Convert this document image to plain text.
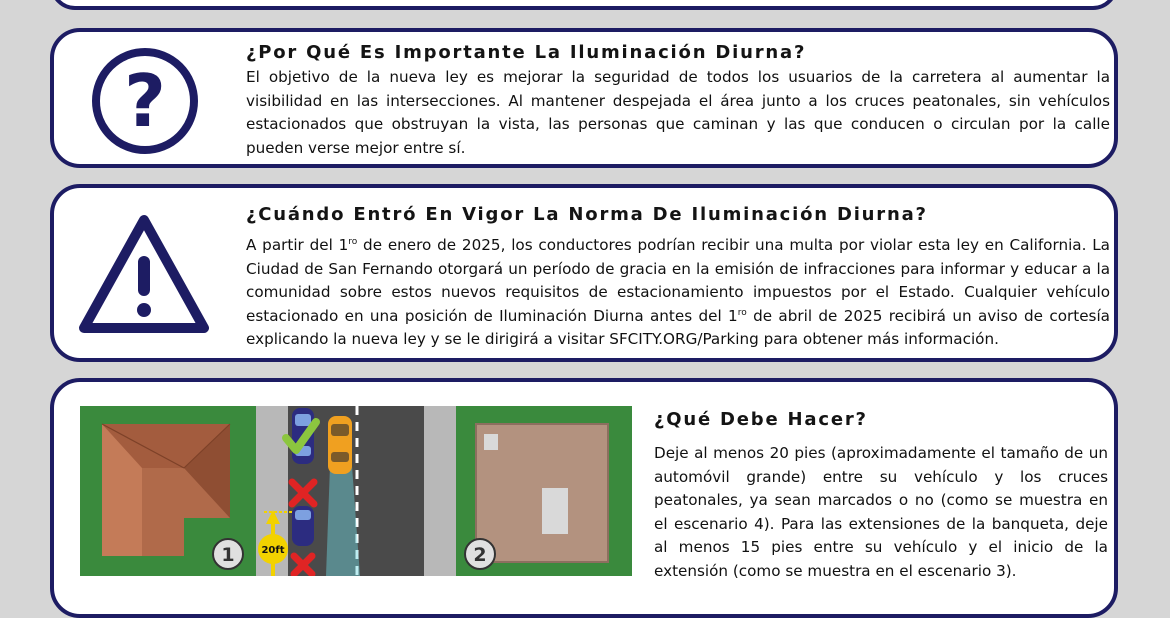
?
¿Por Qué Es Importante La Iluminación Diurna?

El objetivo de la nueva ley es mejorar la seguridad de todos los usuarios de la carretera al aumentar la visibilidad en las intersecciones. Al mantener despejada el área junto a los cruces peatonales, sin vehículos estacionados que obstruyan la vista, las personas que caminan y las que conducen o circulan por la calle pueden verse mejor entre sí.

¿Cuándo Entró En Vigor La Norma De Iluminación Diurna?

A partir del $1^{ro}$ de enero de 2025, los conductores podrían recibir una multa por violar esta ley en California. La Ciudad de San Fernando otorgará un período de gracia en la emisión de infracciones para informar y educar a la comunidad sobre estos nuevos requisitos de estacionamiento impuestos por el Estado. Cualquier vehículo estacionado en una posición de Iluminación Diurna antes del $1^{ro}$ de abril de 2025 recibirá un aviso de cortesía explicando la nueva ley y se le dirigirá a visitar SFCITY.ORG/Parking para obtener más información.

20ft
1	2
¿Qué Debe Hacer?

Deje al menos 20 pies (aproximadamente el tamaño de un automóvil grande) entre su vehículo y los cruces peatonales, ya sean marcados o no (como se muestra en el escenario 4). Para las extensiones de la banqueta, deje al menos 15 pies entre su vehículo y el inicio de la extensión (como se muestra en el escenario 3).
